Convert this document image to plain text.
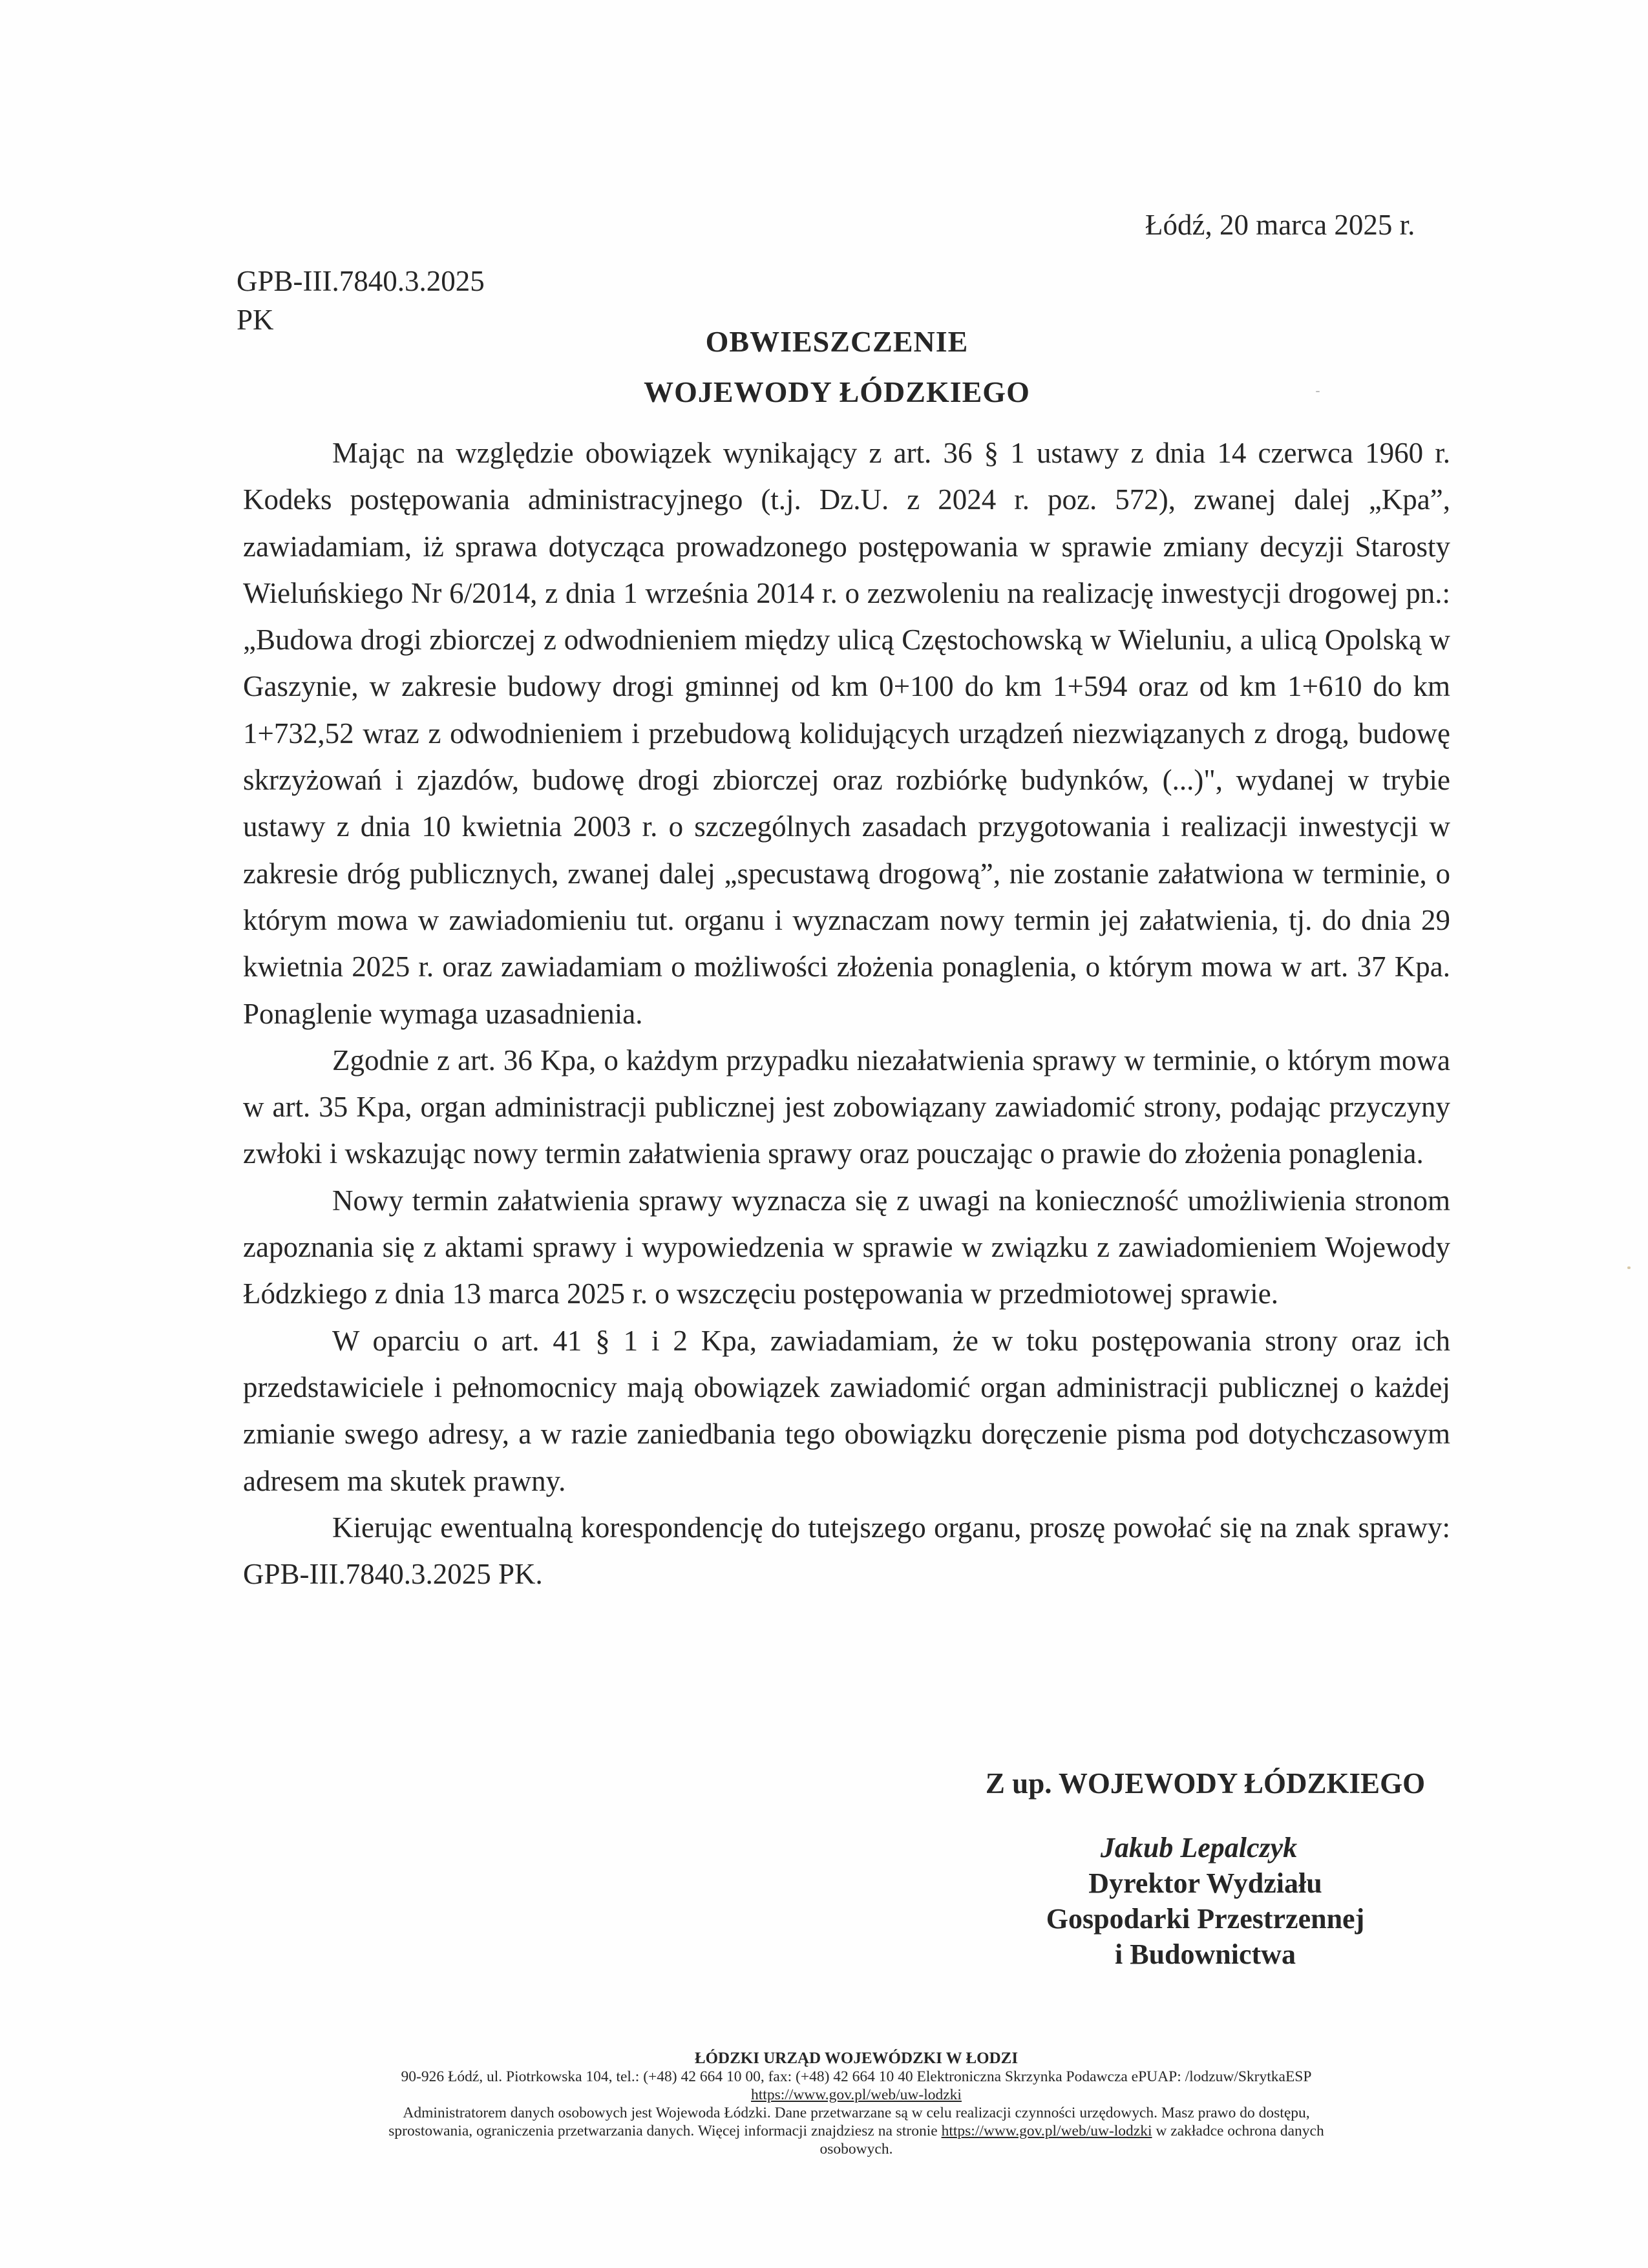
Łódź, 20 marca 2025 r.
GPB-III.7840.3.2025
PK
OBWIESZCZENIE
WOJEWODY ŁÓDZKIEGO

Mając na względzie obowiązek wynikający z art. 36 § 1 ustawy z dnia 14 czerwca 1960 r. Kodeks postępowania administracyjnego (t.j. Dz.U. z 2024 r. poz. 572), zwanej dalej „Kpa”, zawiadamiam, iż sprawa dotycząca prowadzonego postępowania w sprawie zmiany decyzji Starosty Wieluńskiego Nr 6/2014, z dnia 1 września 2014 r. o zezwoleniu na realizację inwestycji drogowej pn.: „Budowa drogi zbiorczej z odwodnieniem między ulicą Częstochowską w Wieluniu, a ulicą Opolską w Gaszynie, w zakresie budowy drogi gminnej od km 0+100 do km 1+594 oraz od km 1+610 do km 1+732,52 wraz z odwodnieniem i przebudową kolidujących urządzeń niezwiązanych z drogą, budowę skrzyżowań i zjazdów, budowę drogi zbiorczej oraz rozbiórkę budynków, (...)", wydanej w trybie ustawy z dnia 10 kwietnia 2003 r. o szczególnych zasadach przygotowania i realizacji inwestycji w zakresie dróg publicznych, zwanej dalej „specustawą drogową”, nie zostanie załatwiona w terminie, o którym mowa w zawiadomieniu tut. organu i wyznaczam nowy termin jej załatwienia, tj. do dnia 29 kwietnia 2025 r. oraz zawiadamiam o możliwości złożenia ponaglenia, o którym mowa w art. 37 Kpa. Ponaglenie wymaga uzasadnienia.

Zgodnie z art. 36 Kpa, o każdym przypadku niezałatwienia sprawy w terminie, o którym mowa w art. 35 Kpa, organ administracji publicznej jest zobowiązany zawiadomić strony, podając przyczyny zwłoki i wskazując nowy termin załatwienia sprawy oraz pouczając o prawie do złożenia ponaglenia.

Nowy termin załatwienia sprawy wyznacza się z uwagi na konieczność umożliwienia stronom zapoznania się z aktami sprawy i wypowiedzenia w sprawie w związku z zawiadomieniem Wojewody Łódzkiego z dnia 13 marca 2025 r. o wszczęciu postępowania w przedmiotowej sprawie.

W oparciu o art. 41 § 1 i 2 Kpa, zawiadamiam, że w toku postępowania strony oraz ich przedstawiciele i pełnomocnicy mają obowiązek zawiadomić organ administracji publicznej o każdej zmianie swego adresy, a w razie zaniedbania tego obowiązku doręczenie pisma pod dotychczasowym adresem ma skutek prawny.

Kierując ewentualną korespondencję do tutejszego organu, proszę powołać się na znak sprawy: GPB-III.7840.3.2025 PK.

Z up. WOJEWODY ŁÓDZKIEGO
Jakub Lepalczyk
Dyrektor Wydziału
Gospodarki Przestrzennej
i Budownictwa
ŁÓDZKI URZĄD WOJEWÓDZKI W ŁODZI
90-926 Łódź, ul. Piotrkowska 104, tel.: (+48) 42 664 10 00, fax: (+48) 42 664 10 40 Elektroniczna Skrzynka Podawcza ePUAP: /lodzuw/SkrytkaESP
https://www.gov.pl/web/uw-lodzki
Administratorem danych osobowych jest Wojewoda Łódzki. Dane przetwarzane są w celu realizacji czynności urzędowych. Masz prawo do dostępu,
sprostowania, ograniczenia przetwarzania danych. Więcej informacji znajdziesz na stronie https://www.gov.pl/web/uw-lodzki w zakładce ochrona danych
osobowych.
